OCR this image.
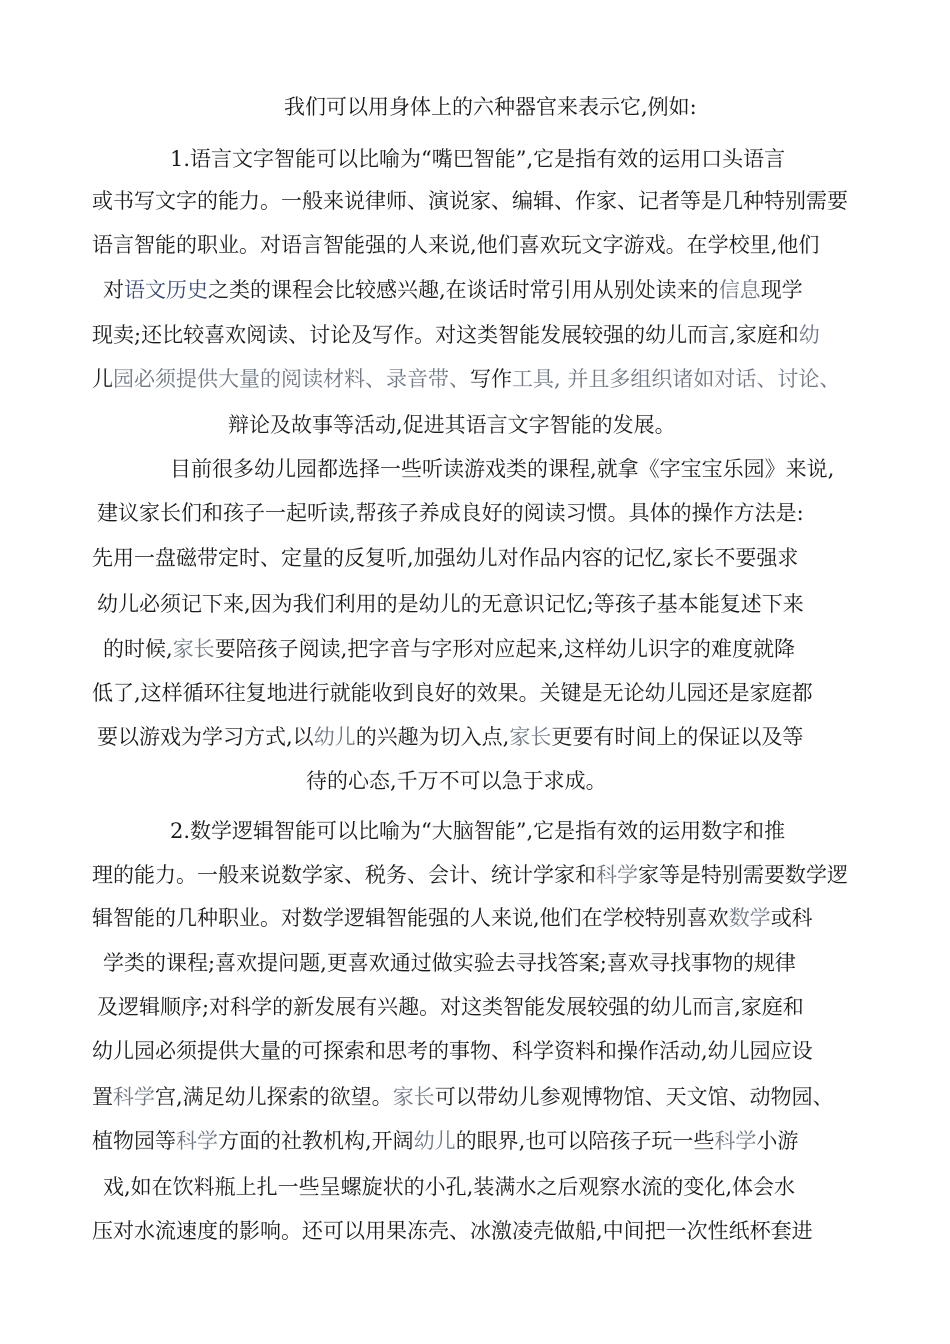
我们可以用身体上的六种器官来表示它,例如:
1.语言文字智能可以比喻为“嘴巴智能”,它是指有效的运用口头语言
或书写文字的能力。一般来说律师、演说家、编辑、作家、记者等是几种特别需要
语言智能的职业。对语言智能强的人来说,他们喜欢玩文字游戏。在学校里,他们
对语文历史之类的课程会比较感兴趣,在谈话时常引用从别处读来的信息现学
现卖;还比较喜欢阅读、讨论及写作。对这类智能发展较强的幼儿而言,家庭和幼
儿园必须提供大量的阅读材料、录音带、写作工具, 并且多组织诸如对话、讨论、
辩论及故事等活动,促进其语言文字智能的发展。
目前很多幼儿园都选择一些听读游戏类的课程,就拿《字宝宝乐园》来说,
建议家长们和孩子一起听读,帮孩子养成良好的阅读习惯。具体的操作方法是:
先用一盘磁带定时、定量的反复听,加强幼儿对作品内容的记忆,家长不要强求
幼儿必须记下来,因为我们利用的是幼儿的无意识记忆;等孩子基本能复述下来
的时候,家长要陪孩子阅读,把字音与字形对应起来,这样幼儿识字的难度就降
低了,这样循环往复地进行就能收到良好的效果。关键是无论幼儿园还是家庭都
要以游戏为学习方式,以幼儿的兴趣为切入点,家长更要有时间上的保证以及等
待的心态,千万不可以急于求成。
2.数学逻辑智能可以比喻为“大脑智能”,它是指有效的运用数字和推
理的能力。一般来说数学家、税务、会计、统计学家和科学家等是特别需要数学逻
辑智能的几种职业。对数学逻辑智能强的人来说,他们在学校特别喜欢数学或科
学类的课程;喜欢提问题,更喜欢通过做实验去寻找答案;喜欢寻找事物的规律
及逻辑顺序;对科学的新发展有兴趣。对这类智能发展较强的幼儿而言,家庭和
幼儿园必须提供大量的可探索和思考的事物、科学资料和操作活动,幼儿园应设
置科学宫,满足幼儿探索的欲望。家长可以带幼儿参观博物馆、天文馆、动物园、
植物园等科学方面的社教机构,开阔幼儿的眼界,也可以陪孩子玩一些科学小游
戏,如在饮料瓶上扎一些呈螺旋状的小孔,装满水之后观察水流的变化,体会水
压对水流速度的影响。还可以用果冻壳、冰激凌壳做船,中间把一次性纸杯套进
